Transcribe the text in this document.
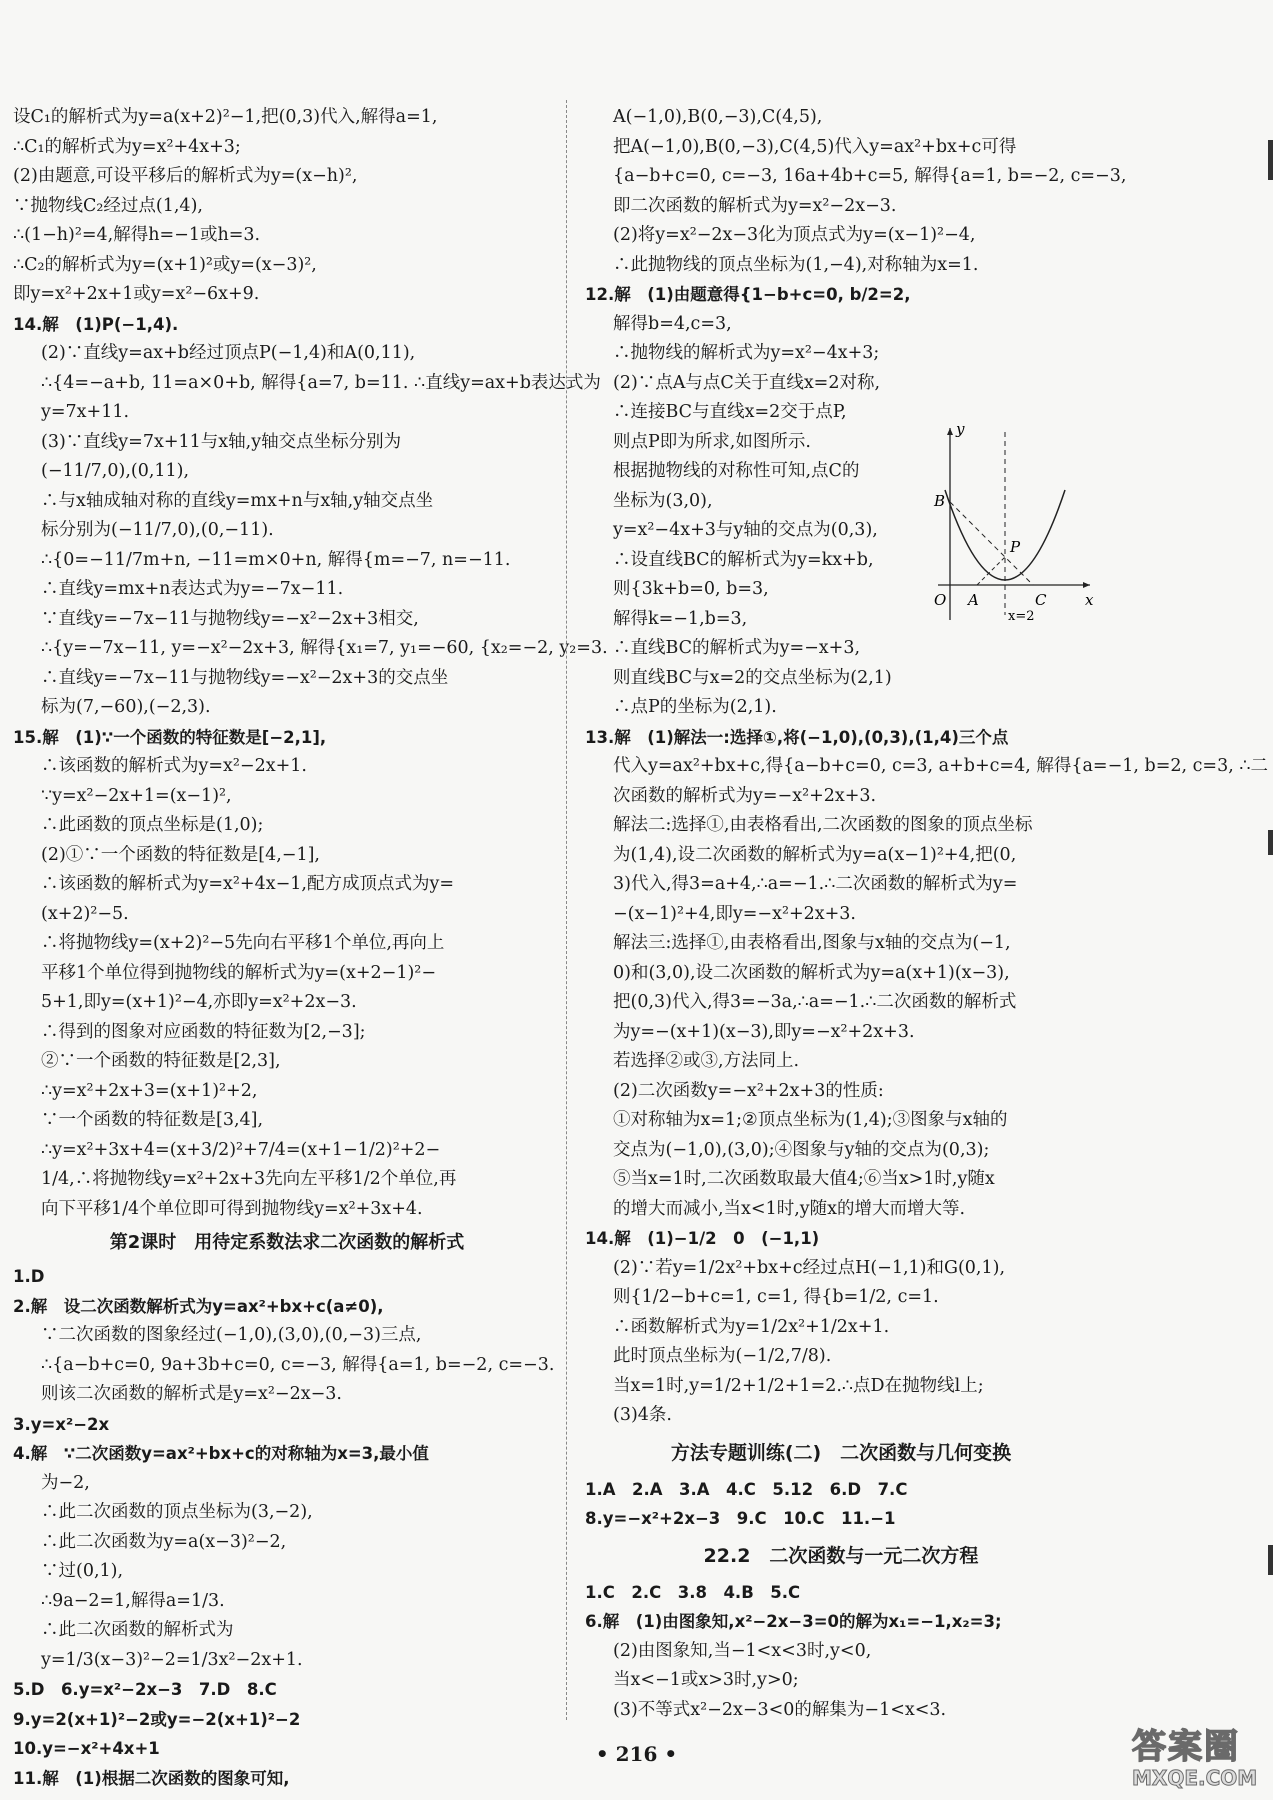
设C₁的解析式为y=a(x+2)²−1,把(0,3)代入,解得a=1,
∴C₁的解析式为y=x²+4x+3;
(2)由题意,可设平移后的解析式为y=(x−h)²,
∵抛物线C₂经过点(1,4),
∴(1−h)²=4,解得h=−1或h=3.
∴C₂的解析式为y=(x+1)²或y=(x−3)²,
即y=x²+2x+1或y=x²−6x+9.
14.解　(1)P(−1,4).
(2)∵直线y=ax+b经过顶点P(−1,4)和A(0,11),
∴{4=−a+b, 11=a×0+b, 解得{a=7, b=11. ∴直线y=ax+b表达式为
y=7x+11.
(3)∵直线y=7x+11与x轴,y轴交点坐标分别为
(−11/7,0),(0,11),
∴与x轴成轴对称的直线y=mx+n与x轴,y轴交点坐
标分别为(−11/7,0),(0,−11).
∴{0=−11/7m+n, −11=m×0+n, 解得{m=−7, n=−11.
∴直线y=mx+n表达式为y=−7x−11.
∵直线y=−7x−11与抛物线y=−x²−2x+3相交,
∴{y=−7x−11, y=−x²−2x+3, 解得{x₁=7, y₁=−60, {x₂=−2, y₂=3.
∴直线y=−7x−11与抛物线y=−x²−2x+3的交点坐
标为(7,−60),(−2,3).
15.解　(1)∵一个函数的特征数是[−2,1],
∴该函数的解析式为y=x²−2x+1.
∵y=x²−2x+1=(x−1)²,
∴此函数的顶点坐标是(1,0);
(2)①∵一个函数的特征数是[4,−1],
∴该函数的解析式为y=x²+4x−1,配方成顶点式为y=
(x+2)²−5.
∴将抛物线y=(x+2)²−5先向右平移1个单位,再向上
平移1个单位得到抛物线的解析式为y=(x+2−1)²−
5+1,即y=(x+1)²−4,亦即y=x²+2x−3.
∴得到的图象对应函数的特征数为[2,−3];
②∵一个函数的特征数是[2,3],
∴y=x²+2x+3=(x+1)²+2,
∵一个函数的特征数是[3,4],
∴y=x²+3x+4=(x+3/2)²+7/4=(x+1−1/2)²+2−
1/4,∴将抛物线y=x²+2x+3先向左平移1/2个单位,再
向下平移1/4个单位即可得到抛物线y=x²+3x+4.
第2课时　用待定系数法求二次函数的解析式
1.D
2.解　设二次函数解析式为y=ax²+bx+c(a≠0),
∵二次函数的图象经过(−1,0),(3,0),(0,−3)三点,
∴{a−b+c=0, 9a+3b+c=0, c=−3, 解得{a=1, b=−2, c=−3.
则该二次函数的解析式是y=x²−2x−3.
3.y=x²−2x
4.解　∵二次函数y=ax²+bx+c的对称轴为x=3,最小值
为−2,
∴此二次函数的顶点坐标为(3,−2),
∴此二次函数为y=a(x−3)²−2,
∵过(0,1),
∴9a−2=1,解得a=1/3.
∴此二次函数的解析式为
y=1/3(x−3)²−2=1/3x²−2x+1.
5.D　6.y=x²−2x−3　7.D　8.C
9.y=2(x+1)²−2或y=−2(x+1)²−2
10.y=−x²+4x+1
11.解　(1)根据二次函数的图象可知,
A(−1,0),B(0,−3),C(4,5),
把A(−1,0),B(0,−3),C(4,5)代入y=ax²+bx+c可得
{a−b+c=0, c=−3, 16a+4b+c=5, 解得{a=1, b=−2, c=−3,
即二次函数的解析式为y=x²−2x−3.
(2)将y=x²−2x−3化为顶点式为y=(x−1)²−4,
∴此抛物线的顶点坐标为(1,−4),对称轴为x=1.
12.解　(1)由题意得{1−b+c=0, b/2=2,
解得b=4,c=3,
∴抛物线的解析式为y=x²−4x+3;
(2)∵点A与点C关于直线x=2对称,
∴连接BC与直线x=2交于点P,
则点P即为所求,如图所示.
根据抛物线的对称性可知,点C的
坐标为(3,0),
y=x²−4x+3与y轴的交点为(0,3),
∴设直线BC的解析式为y=kx+b,
则{3k+b=0, b=3,
解得k=−1,b=3,
∴直线BC的解析式为y=−x+3,
则直线BC与x=2的交点坐标为(2,1)
∴点P的坐标为(2,1).
13.解　(1)解法一:选择①,将(−1,0),(0,3),(1,4)三个点
代入y=ax²+bx+c,得{a−b+c=0, c=3, a+b+c=4, 解得{a=−1, b=2, c=3, ∴二
次函数的解析式为y=−x²+2x+3.
解法二:选择①,由表格看出,二次函数的图象的顶点坐标
为(1,4),设二次函数的解析式为y=a(x−1)²+4,把(0,
3)代入,得3=a+4,∴a=−1.∴二次函数的解析式为y=
−(x−1)²+4,即y=−x²+2x+3.
解法三:选择①,由表格看出,图象与x轴的交点为(−1,
0)和(3,0),设二次函数的解析式为y=a(x+1)(x−3),
把(0,3)代入,得3=−3a,∴a=−1.∴二次函数的解析式
为y=−(x+1)(x−3),即y=−x²+2x+3.
若选择②或③,方法同上.
(2)二次函数y=−x²+2x+3的性质:
①对称轴为x=1;②顶点坐标为(1,4);③图象与x轴的
交点为(−1,0),(3,0);④图象与y轴的交点为(0,3);
⑤当x=1时,二次函数取最大值4;⑥当x>1时,y随x
的增大而减小,当x<1时,y随x的增大而增大等.
14.解　(1)−1/2　0　(−1,1)
(2)∵若y=1/2x²+bx+c经过点H(−1,1)和G(0,1),
则{1/2−b+c=1, c=1, 得{b=1/2, c=1.
∴函数解析式为y=1/2x²+1/2x+1.
此时顶点坐标为(−1/2,7/8).
当x=1时,y=1/2+1/2+1=2.∴点D在抛物线l上;
(3)4条.
方法专题训练(二)　二次函数与几何变换
1.A　2.A　3.A　4.C　5.12　6.D　7.C
8.y=−x²+2x−3　9.C　10.C　11.−1
22.2　二次函数与一元二次方程
1.C　2.C　3.8　4.B　5.C
6.解　(1)由图象知,x²−2x−3=0的解为x₁=−1,x₂=3;
(2)由图象知,当−1<x<3时,y<0,
当x<−1或x>3时,y>0;
(3)不等式x²−2x−3<0的解集为−1<x<3.
y
x
B
P
O A	C
x=2
• 216 •	答案圈
MXQE.COM
